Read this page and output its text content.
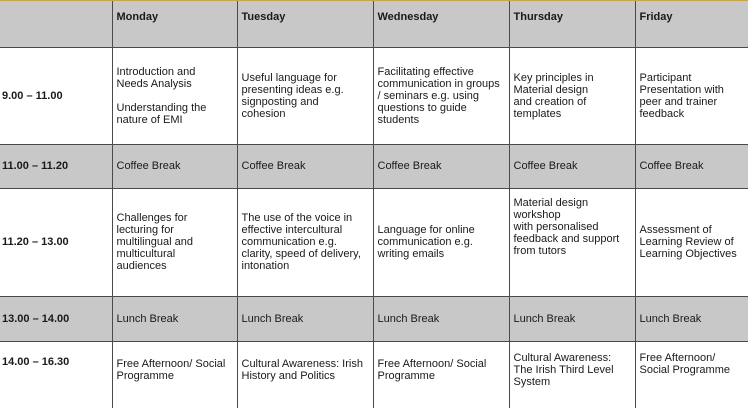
	Monday	Tuesday	Wednesday	Thursday	Friday
9.00 – 11.00	Introduction and
Needs Analysis
Understanding the
nature of EMI	Useful language for
presenting ideas e.g.
signposting and
cohesion	Facilitating effective
communication in groups
/ seminars e.g. using
questions to guide
students	Key principles in
Material design
and creation of
templates	Participant
Presentation with
peer and trainer
feedback
11.00 – 11.20	Coffee Break	Coffee Break	Coffee Break	Coffee Break	Coffee Break
11.20 – 13.00	Challenges for
lecturing for
multilingual and
multicultural
audiences	The use of the voice in
effective intercultural
communication e.g.
clarity, speed of delivery,
intonation	Language for online
communication e.g.
writing emails	Material design
workshop
with personalised
feedback and support
from tutors	Assessment of
Learning Review of
Learning Objectives
13.00 – 14.00	Lunch Break	Lunch Break	Lunch Break	Lunch Break	Lunch Break
14.00 – 16.30	Free Afternoon/ Social
Programme	Cultural Awareness: Irish
History and Politics	Free Afternoon/ Social
Programme	Cultural Awareness:
The Irish Third Level
System	Free Afternoon/
Social Programme
